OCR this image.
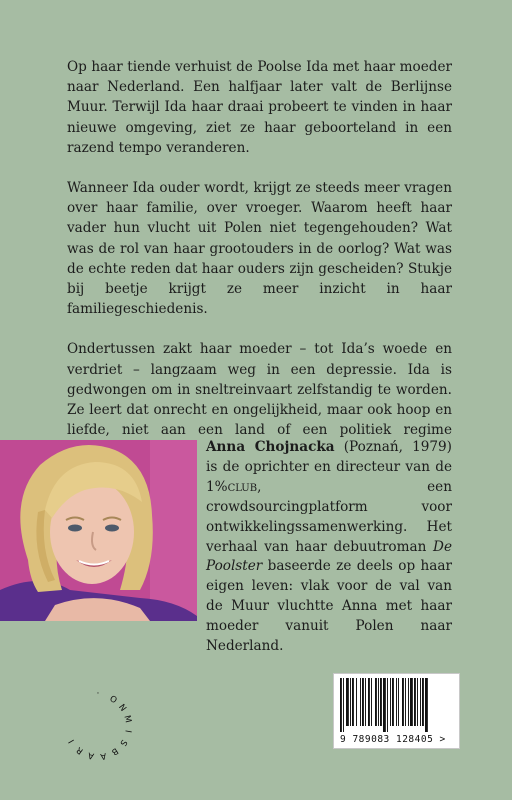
Op haar tiende verhuist de Poolse Ida met haar moeder naar Nederland. Een halfjaar later valt de Berlijnse Muur. Terwijl Ida haar draai probeert te vinden in haar nieuwe omgeving, ziet ze haar geboorteland in een razend tempo veranderen.

Wanneer Ida ouder wordt, krijgt ze steeds meer vragen over haar familie, over vroeger. Waarom heeft haar vader hun vlucht uit Polen niet tegengehouden? Wat was de rol van haar grootouders in de oorlog? Wat was de echte reden dat haar ouders zijn gescheiden? Stukje bij beetje krijgt ze meer inzicht in haar familiegeschiedenis.

Ondertussen zakt haar moeder – tot Ida’s woede en verdriet – langzaam weg in een depressie. Ida is gedwongen om in sneltreinvaart zelfstandig te worden. Ze leert dat onrecht en ongelijkheid, maar ook hoop en liefde, niet aan een land of een politiek regime

Anna Chojnacka (Poznań, 1979) is de oprichter en directeur van de 1%club, een crowdsourcingplatform voor ontwikkelingssamenwerking. Het verhaal van haar debuutroman De Poolster baseerde ze deels op haar eigen leven: vlak voor de val van de Muur vluchtte Anna met haar moeder vanuit Polen naar Nederland.
O
N
M
I
S
B
A
A
R
I
·
9 789083 128405 >
